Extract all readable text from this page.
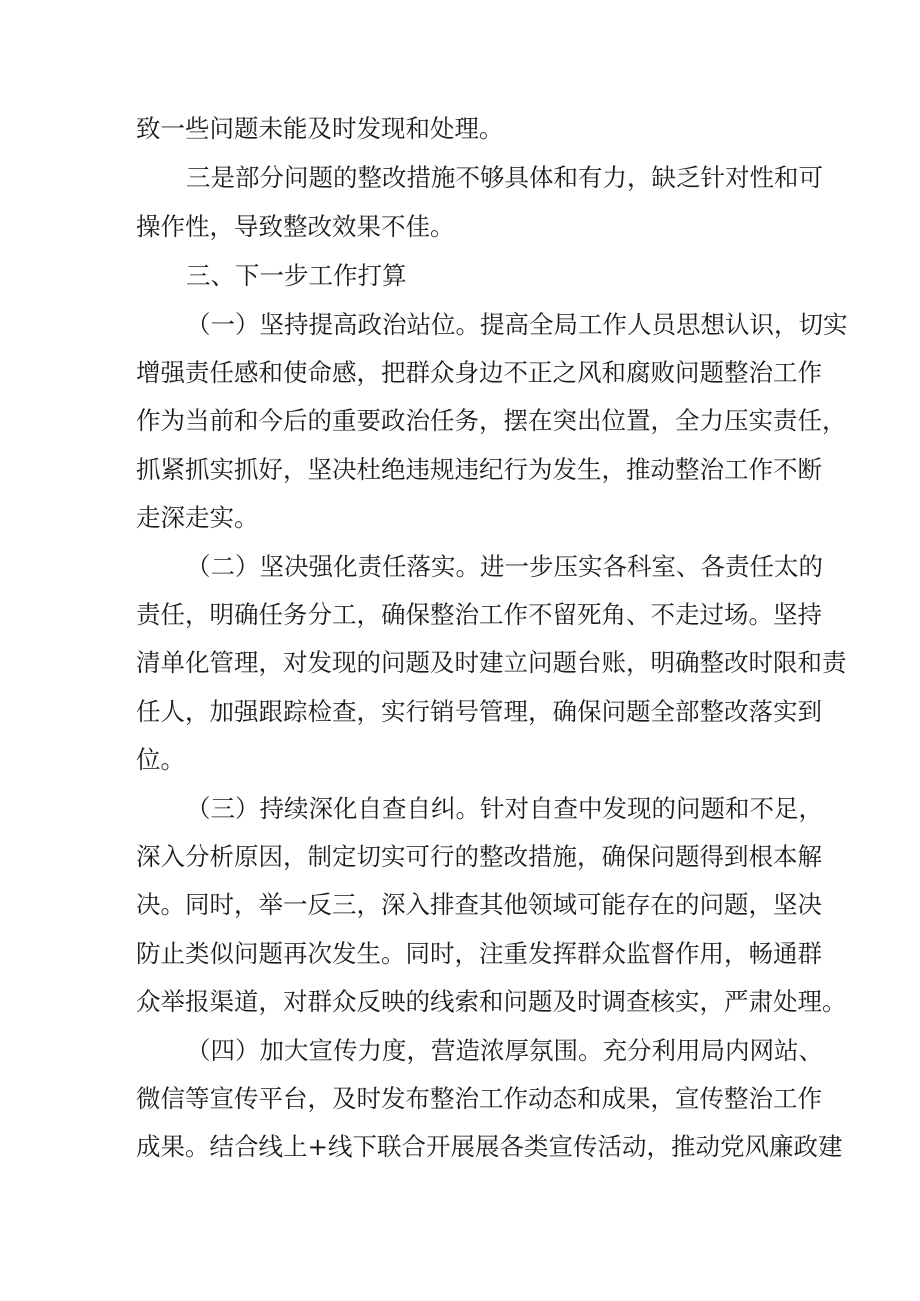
致一些问题未能及时发现和处理。
三是部分问题的整改措施不够具体和有力，缺乏针对性和可
操作性，导致整改效果不佳。
三、下一步工作打算
（一）坚持提高政治站位。提高全局工作人员思想认识，切实
增强责任感和使命感，把群众身边不正之风和腐败问题整治工作
作为当前和今后的重要政治任务，摆在突出位置，全力压实责任，
抓紧抓实抓好，坚决杜绝违规违纪行为发生，推动整治工作不断
走深走实。
（二）坚决强化责任落实。进一步压实各科室、各责任太的
责任，明确任务分工，确保整治工作不留死角、不走过场。坚持
清单化管理，对发现的问题及时建立问题台账，明确整改时限和责
任人，加强跟踪检查，实行销号管理，确保问题全部整改落实到
位。
（三）持续深化自查自纠。针对自查中发现的问题和不足，
深入分析原因，制定切实可行的整改措施，确保问题得到根本解
决。同时，举一反三，深入排查其他领域可能存在的问题，坚决
防止类似问题再次发生。同时，注重发挥群众监督作用，畅通群
众举报渠道，对群众反映的线索和问题及时调查核实，严肃处理。
（四）加大宣传力度，营造浓厚氛围。充分利用局内网站、
微信等宣传平台，及时发布整治工作动态和成果，宣传整治工作
成果。结合线上+线下联合开展展各类宣传活动，推动党风廉政建
